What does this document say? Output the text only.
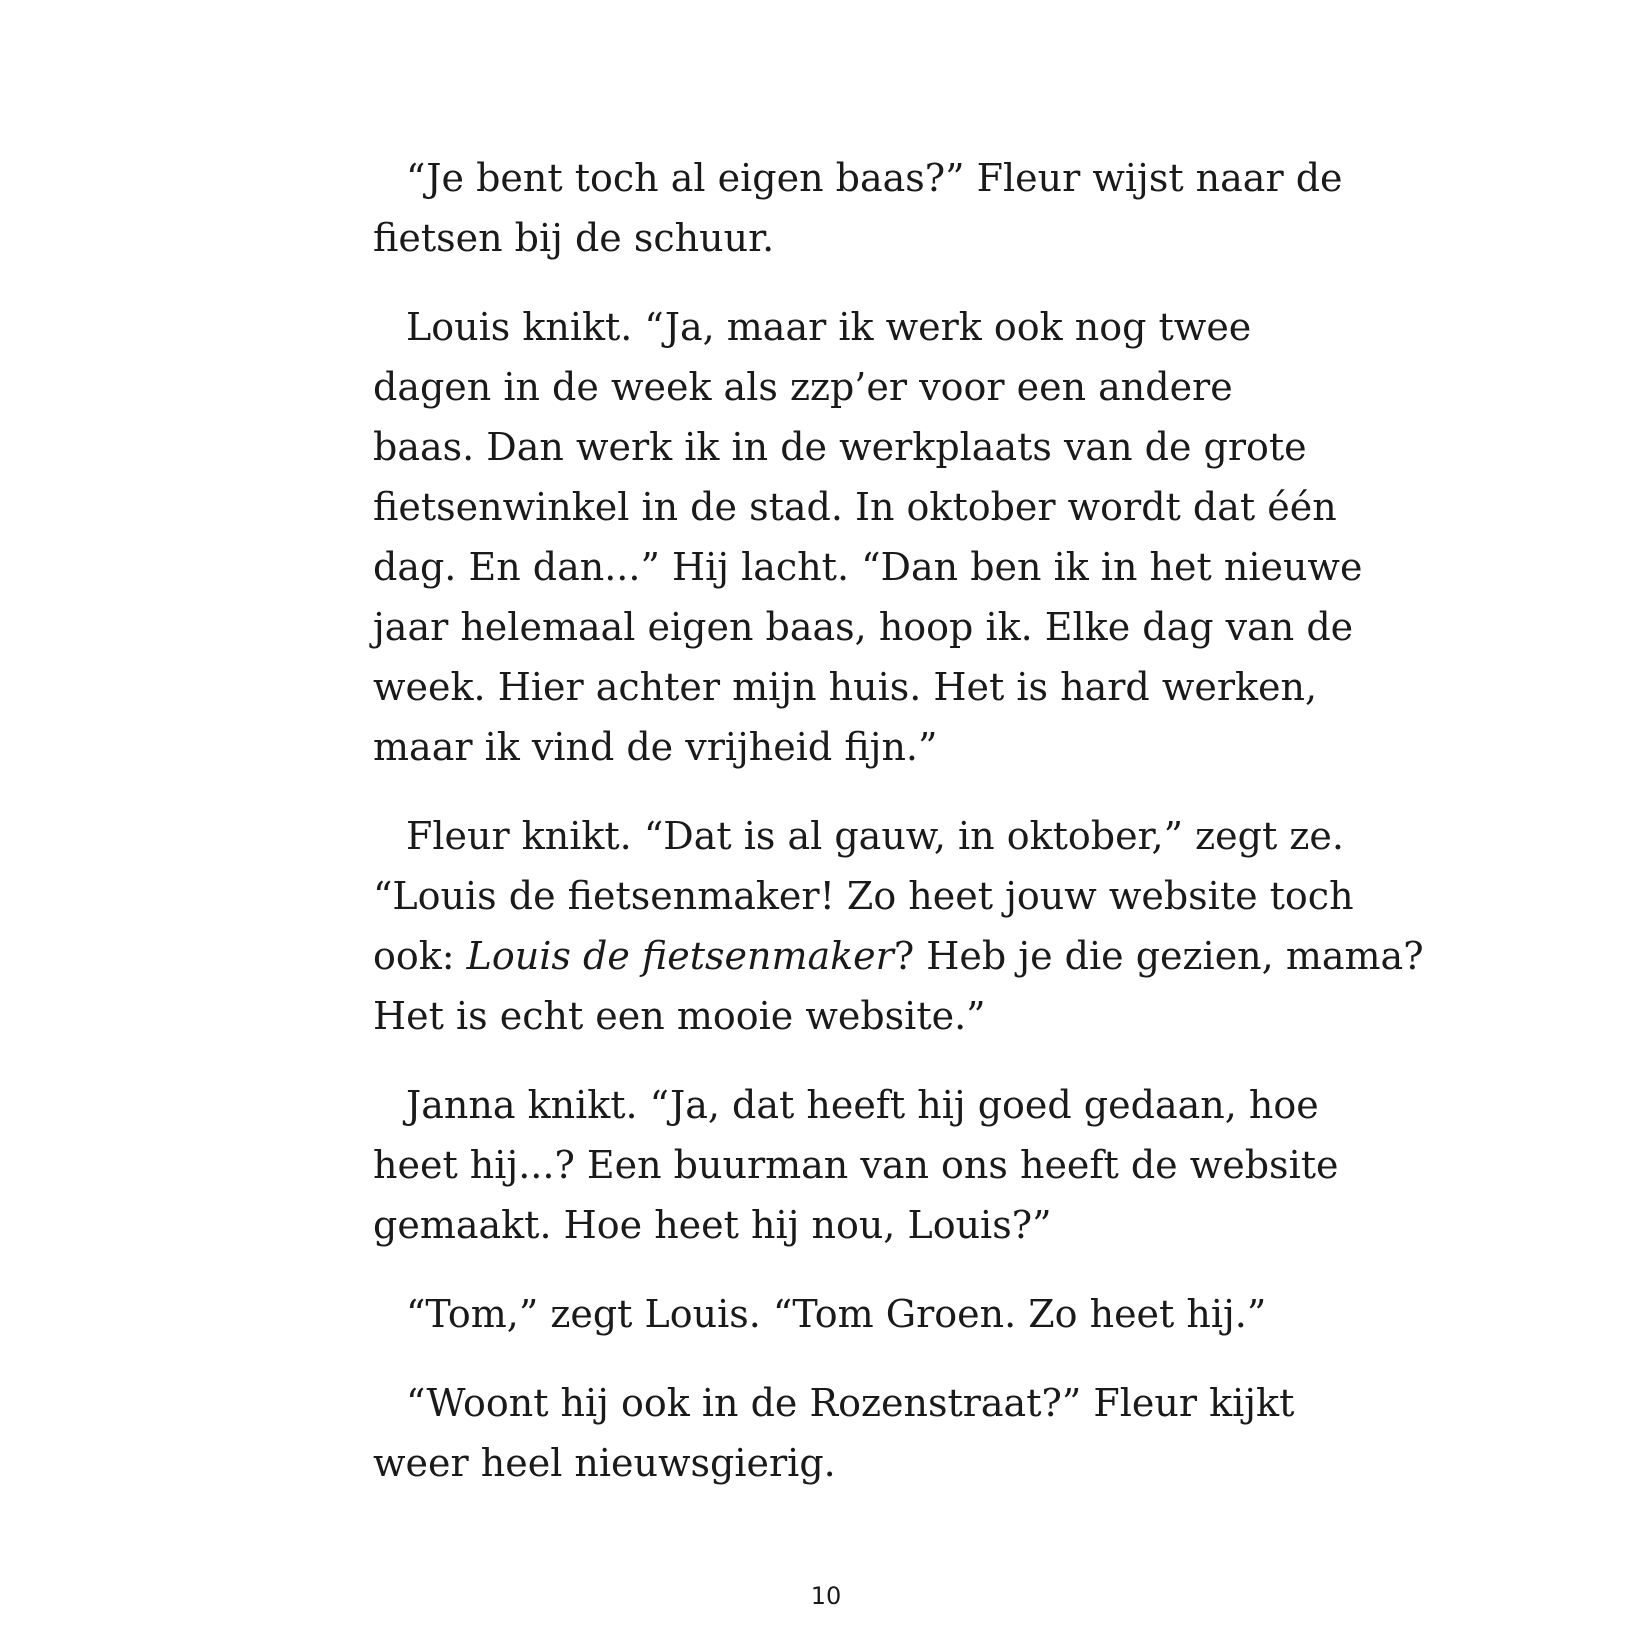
“Je bent toch al eigen baas?” Fleur wijst naar de
fietsen bij de schuur.
Louis knikt. “Ja, maar ik werk ook nog twee
dagen in de week als zzp’er voor een andere
baas. Dan werk ik in de werkplaats van de grote
fietsenwinkel in de stad. In oktober wordt dat één
dag. En dan...” Hij lacht. “Dan ben ik in het nieuwe
jaar helemaal eigen baas, hoop ik. Elke dag van de
week. Hier achter mijn huis. Het is hard werken,
maar ik vind de vrijheid fijn.”
Fleur knikt. “Dat is al gauw, in oktober,” zegt ze.
“Louis de fietsenmaker! Zo heet jouw website toch
ook: Louis de fietsenmaker? Heb je die gezien, mama?
Het is echt een mooie website.”
Janna knikt. “Ja, dat heeft hij goed gedaan, hoe
heet hij...? Een buurman van ons heeft de website
gemaakt. Hoe heet hij nou, Louis?”
“Tom,” zegt Louis. “Tom Groen. Zo heet hij.”
“Woont hij ook in de Rozenstraat?” Fleur kijkt
weer heel nieuwsgierig.
10
